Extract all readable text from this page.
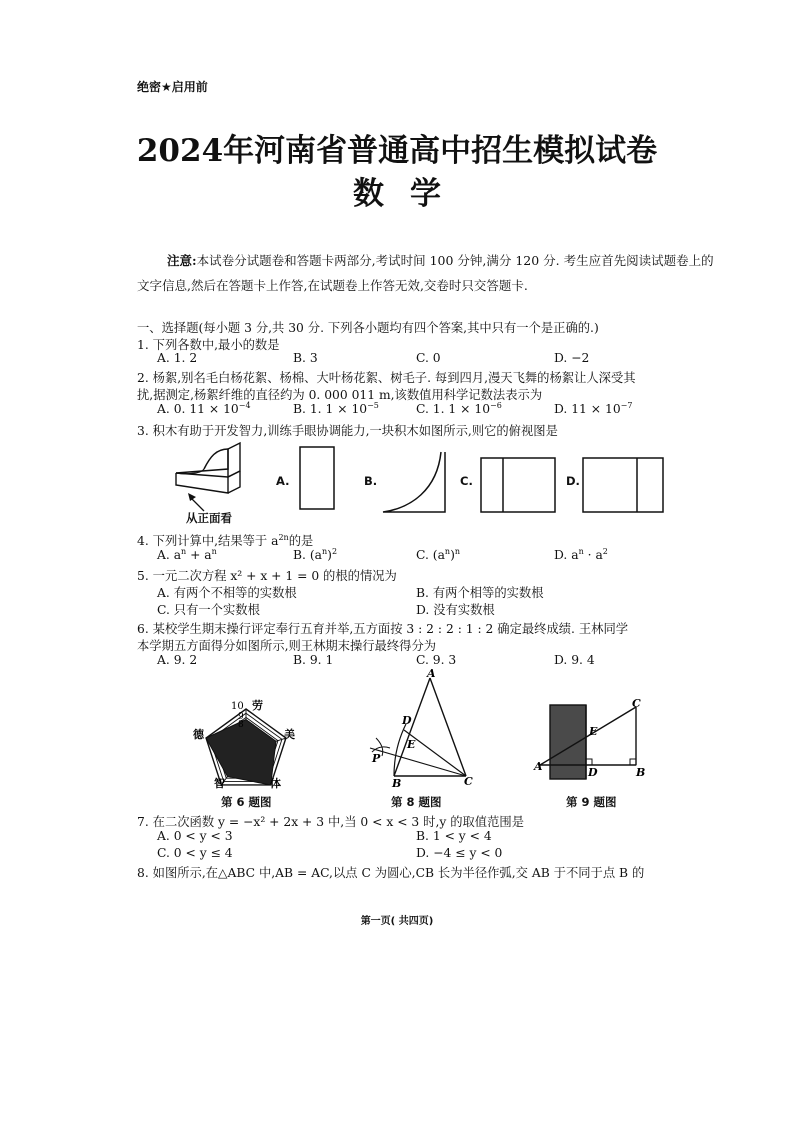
绝密★启用前
2024年河南省普通高中招生模拟试卷
数学
注意:本试卷分试题卷和答题卡两部分,考试时间 100 分钟,满分 120 分. 考生应首先阅读试题卷上的文字信息,然后在答题卡上作答,在试题卷上作答无效,交卷时只交答题卡.
一、选择题(每小题 3 分,共 30 分. 下列各小题均有四个答案,其中只有一个是正确的.)
1. 下列各数中,最小的数是
A. 1. 2	B. 3	C. 0	D. −2
2. 杨絮,别名毛白杨花絮、杨棉、大叶杨花絮、树毛子. 每到四月,漫天飞舞的杨絮让人深受其
扰,据测定,杨絮纤维的直径约为 0. 000 011 m,该数值用科学记数法表示为
A. 0. $11 \times 10^{-4}$	B. 1. $1 \times 10^{-5}$	C. 1. $1 \times 10^{-6}$	D. $11 \times 10^{-7}$
3. 积木有助于开发智力,训练手眼协调能力,一块积木如图所示,则它的俯视图是
从正面看
A.	B.	C.	D.
4. 下列计算中,结果等于 $a^{2n}$的是
A. $a^n + a^n$	B. $(a^n)^2$	C. $(a^n)^n$	D. $a^n \cdot a^2$
5. 一元二次方程 x² + x + 1 = 0 的根的情况为
A. 有两个不相等的实数根	B. 有两个相等的实数根
C. 只有一个实数根	D. 没有实数根
6. 某校学生期末操行评定奉行五育并举,五方面按 3 : 2 : 2 : 1 : 2 确定最终成绩. 王林同学
本学期五方面得分如图所示,则王林期末操行最终得分为
A. 9. 2	B. 9. 1	C. 9. 3	D. 9. 4
10
9
8
劳
美
体
智
德
第 6 题图
A
D
E
P
B	C
第 8 题图
A
E
C
D	B
第 9 题图
7. 在二次函数 y = −x² + 2x + 3 中,当 0 < x < 3 时,y 的取值范围是
A. 0 < y < 3	B. 1 < y < 4
C. 0 < y ≤ 4	D. −4 ≤ y < 0
8. 如图所示,在△ABC 中,AB = AC,以点 C 为圆心,CB 长为半径作弧,交 AB 于不同于点 B 的
第一页( 共四页)
